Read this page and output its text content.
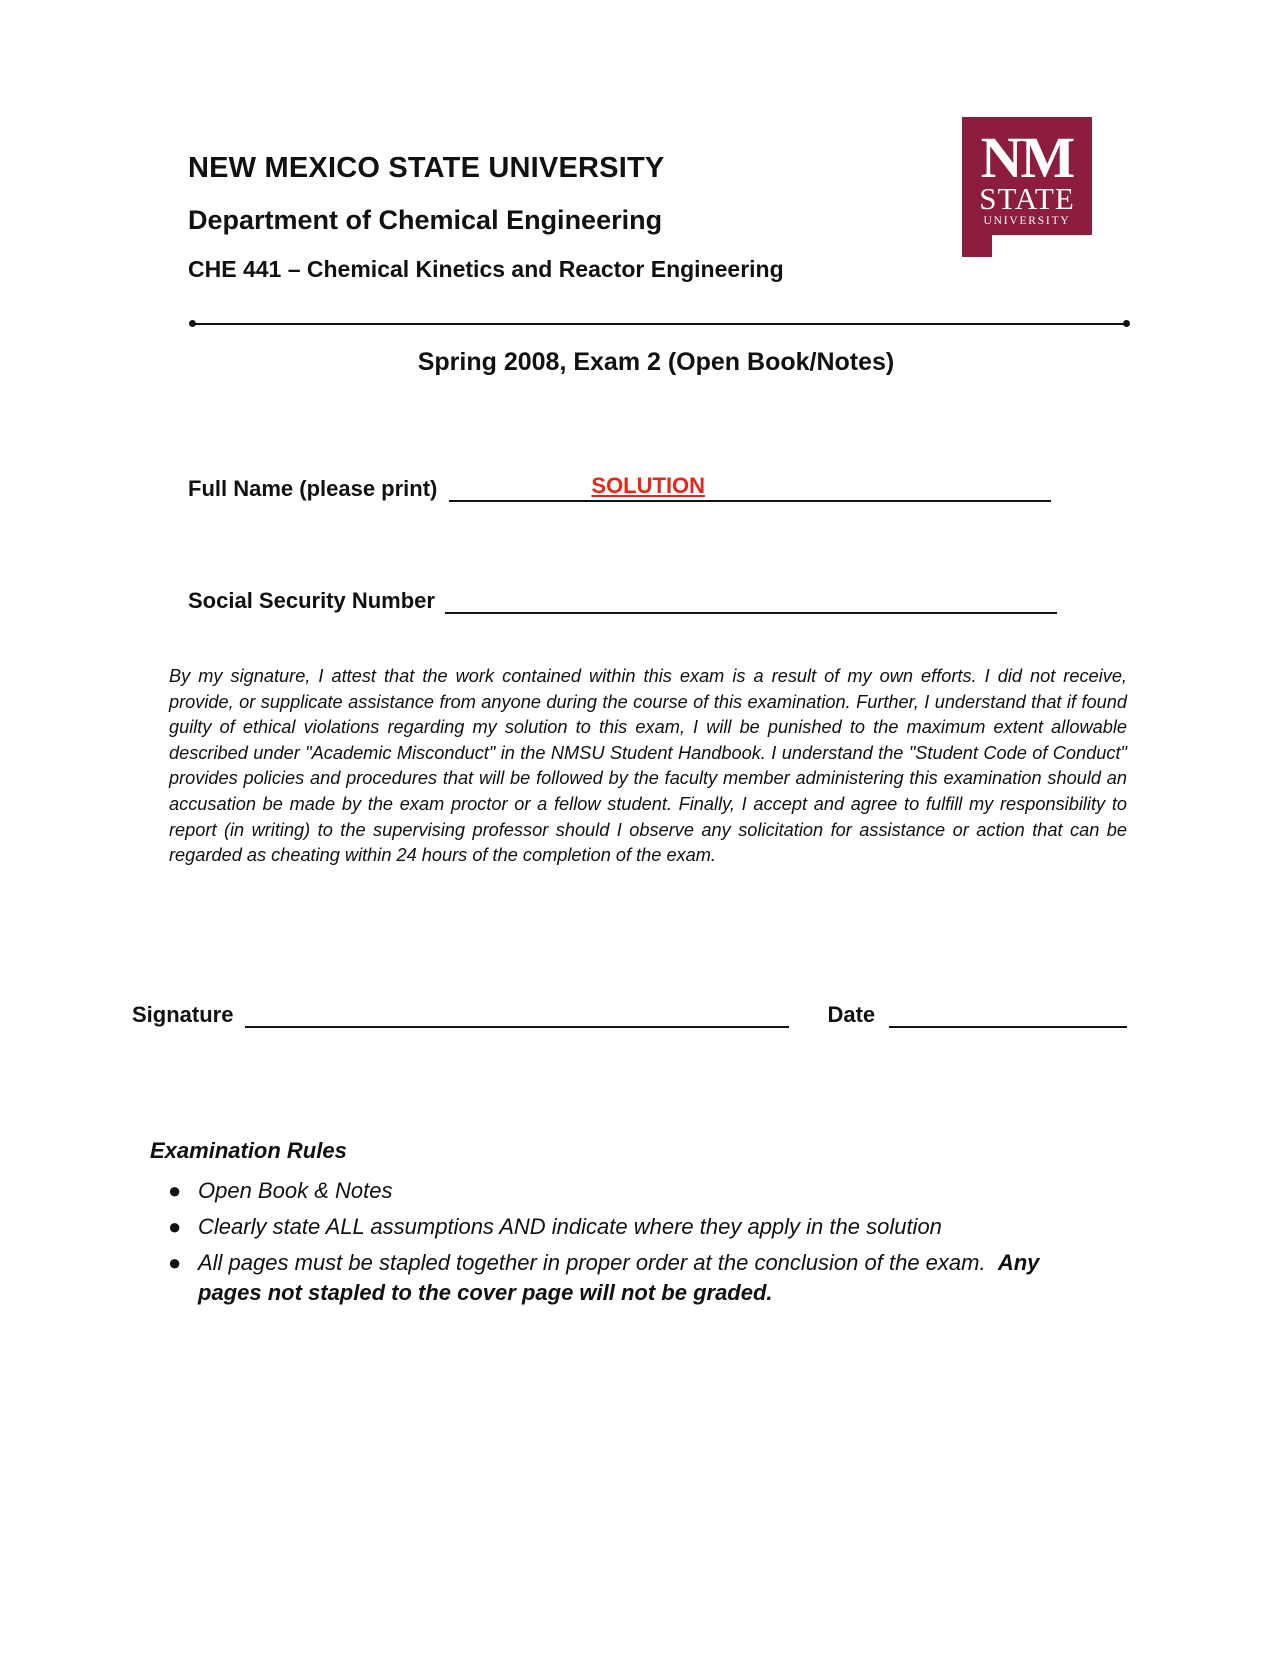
NEW MEXICO STATE UNIVERSITY
Department of Chemical Engineering
CHE 441 – Chemical Kinetics and Reactor Engineering
NM
STATE
UNIVERSITY
Spring 2008, Exam 2 (Open Book/Notes)
Full Name (please print)	SOLUTION
Social Security Number
By my signature, I attest that the work contained within this exam is a result of my own efforts. I did not receive, provide, or supplicate assistance from anyone during the course of this examination. Further, I understand that if found guilty of ethical violations regarding my solution to this exam, I will be punished to the maximum extent allowable described under "Academic Misconduct" in the NMSU Student Handbook. I understand the "Student Code of Conduct" provides policies and procedures that will be followed by the faculty member administering this examination should an accusation be made by the exam proctor or a fellow student. Finally, I accept and agree to fulfill my responsibility to report (in writing) to the supervising professor should I observe any solicitation for assistance or action that can be regarded as cheating within 24 hours of the completion of the exam.
Signature	Date
Examination Rules
● Open Book & Notes
● Clearly state ALL assumptions AND indicate where they apply in the solution
● All pages must be stapled together in proper order at the conclusion of the exam.  Any pages not stapled to the cover page will not be graded.
